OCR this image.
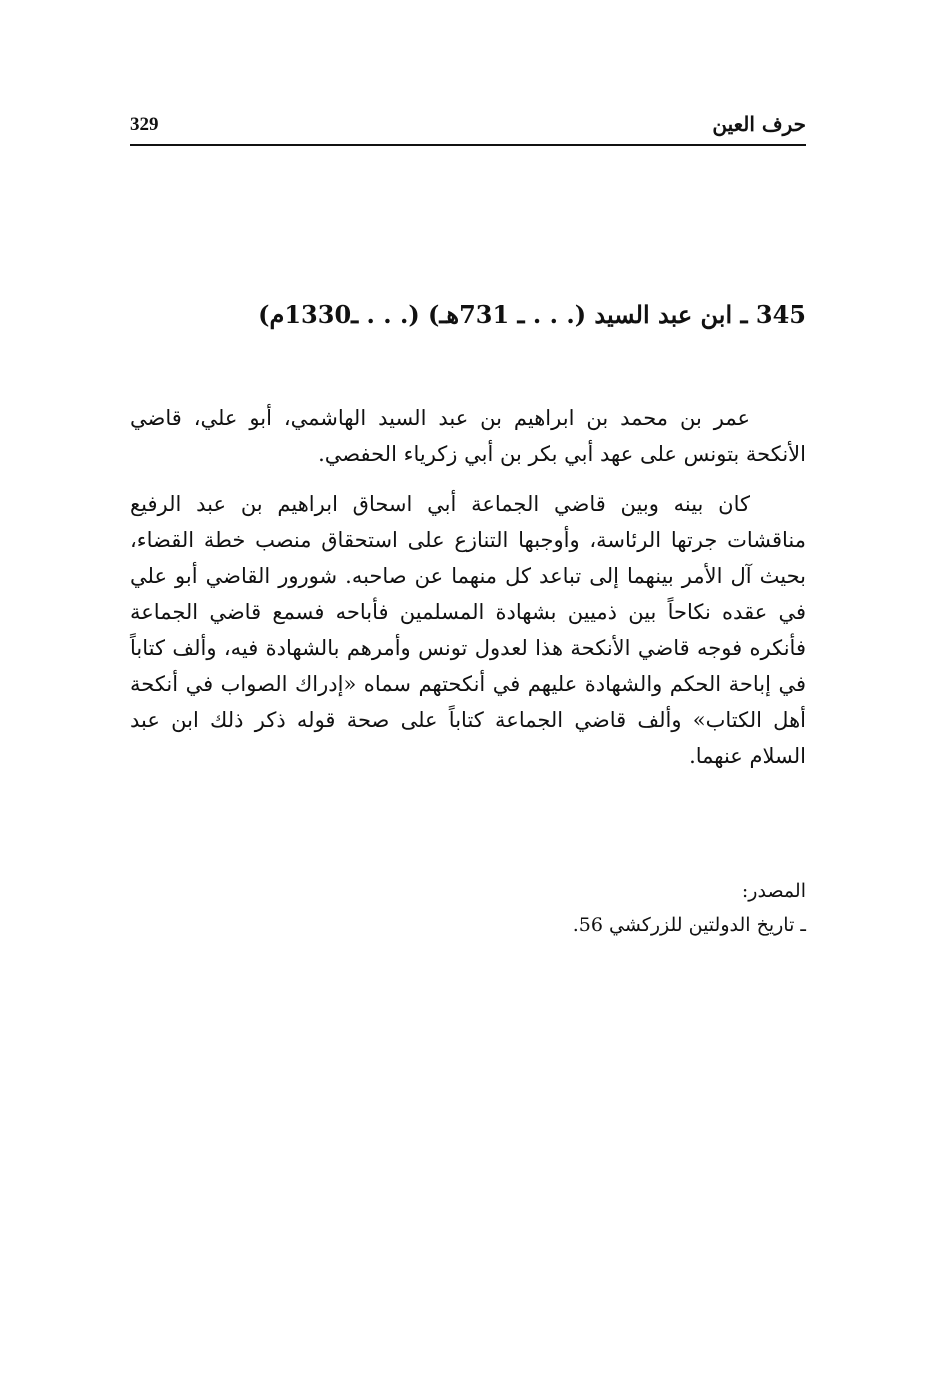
329	حرف العين
345 ـ ابن عبد السيد (. . . ـ 731هـ) (. . . ـ1330م)

عمر بن محمد بن ابراهيم بن عبد السيد الهاشمي، أبو علي، قاضي الأنكحة بتونس على عهد أبي بكر بن أبي زكرياء الحفصي.

كان بينه وبين قاضي الجماعة أبي اسحاق ابراهيم بن عبد الرفيع مناقشات جرتها الرئاسة، وأوجبها التنازع على استحقاق منصب خطة القضاء، بحيث آل الأمر بينهما إلى تباعد كل منهما عن صاحبه. شورور القاضي أبو علي في عقده نكاحاً بين ذميين بشهادة المسلمين فأباحه فسمع قاضي الجماعة فأنكره فوجه قاضي الأنكحة هذا لعدول تونس وأمرهم بالشهادة فيه، وألف كتاباً في إباحة الحكم والشهادة عليهم في أنكحتهم سماه «إدراك الصواب في أنكحة أهل الكتاب» وألف قاضي الجماعة كتاباً على صحة قوله ذكر ذلك ابن عبد السلام عنهما.

المصدر:
ـ تاريخ الدولتين للزركشي 56.
